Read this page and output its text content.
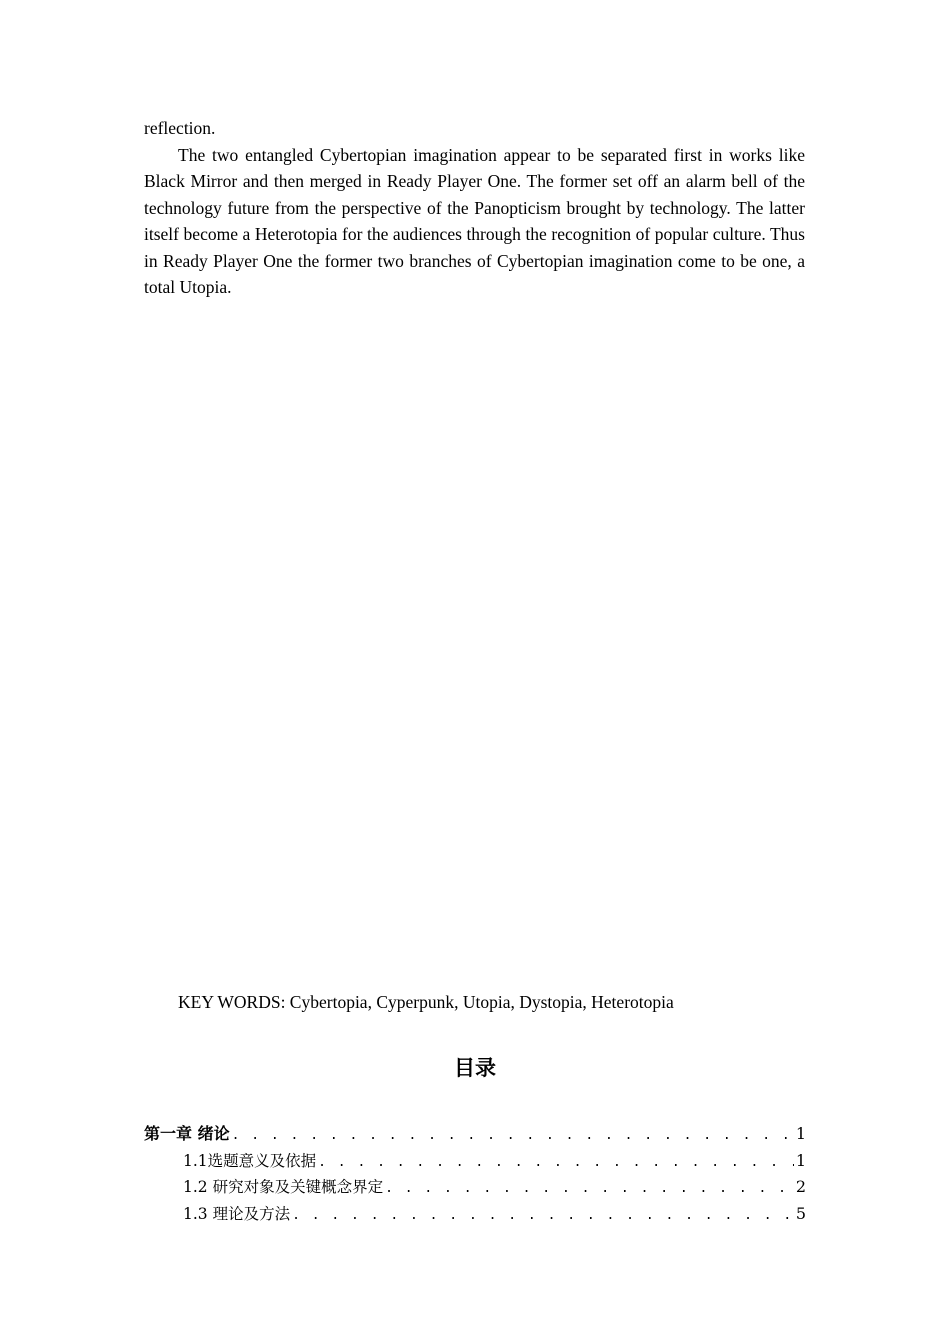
reflection.

The two entangled Cybertopian imagination appear to be separated first in works like Black Mirror and then merged in Ready Player One. The former set off an alarm bell of the technology future from the perspective of the Panopticism brought by technology. The latter itself become a Heterotopia for the audiences through the recognition of popular culture. Thus in Ready Player One the former two branches of Cybertopian imagination come to be one, a total Utopia.

KEY WORDS: Cybertopia, Cyperpunk, Utopia, Dystopia, Heterotopia
目录
第一章 绪论 . . .	1
1.1选题意义及依据 . . .	1
1.2 研究对象及关键概念界定 . . .	2
1.3 理论及方法 . . .	5
